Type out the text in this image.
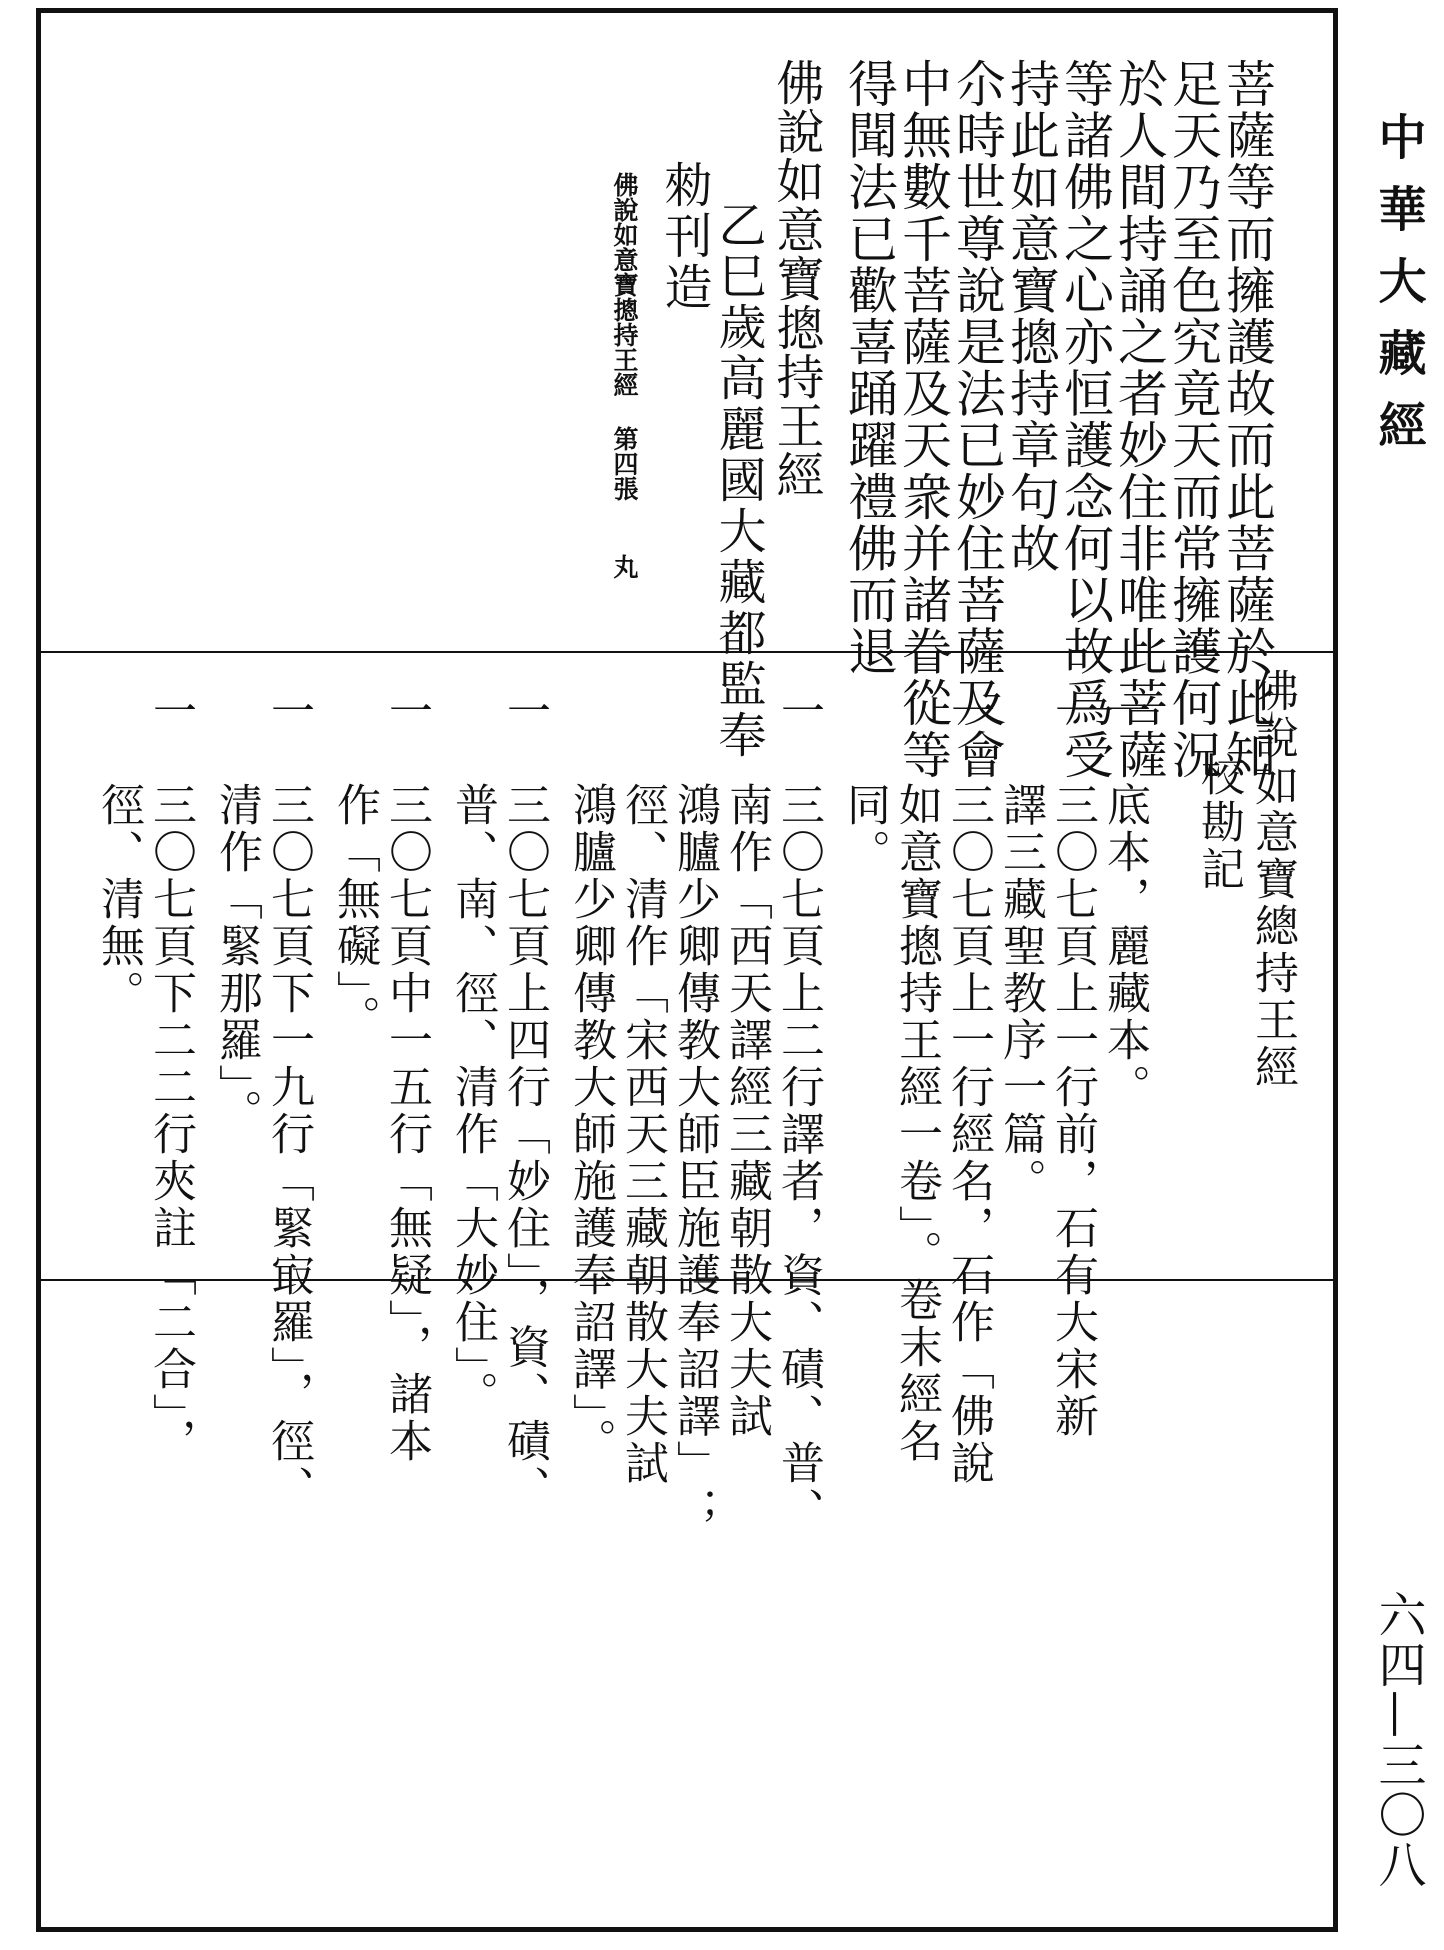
中華大藏經
六四—三〇八
菩薩等而擁護故而此菩薩於此知
足天乃至色究竟天而常擁護何況
於人間持誦之者妙住非唯此菩薩
等諸佛之心亦恒護念何以故爲受
持此如意寶摠持章句故
尒時世尊說是法已妙住菩薩及會
中無數千菩薩及天衆并諸眷從等
得聞法已歡喜踊躍禮佛而退
佛說如意寶摠持王經
乙巳歲高麗國大藏都監奉
勑刊造
佛說如意寶摠持王經
第四張
丸
佛說如意寶總持王經
校勘記
一　底本，麗藏本。
一　三〇七頁上一行前，石有大宋新
　　譯三藏聖教序一篇。
一　三〇七頁上一行經名，石作「佛說
　　如意寶摠持王經一卷」。卷末經名
　　同。
一　三〇七頁上二行譯者，資、磧、普、
　　南作「西天譯經三藏朝散大夫試
　　鴻臚少卿傳教大師臣施護奉詔譯」；
　　徑、清作「宋西天三藏朝散大夫試
　　鴻臚少卿傳教大師施護奉詔譯」。
一　三〇七頁上四行「妙住」，資、磧、
　　普、南、徑、清作「大妙住」。
一　三〇七頁中一五行「無疑」，諸本
　　作「無礙」。
一　三〇七頁下一九行「緊㝡羅」，徑、
　　清作「緊那羅」。
一　三〇七頁下二二行夾註「二合」，
　　徑、清無。
